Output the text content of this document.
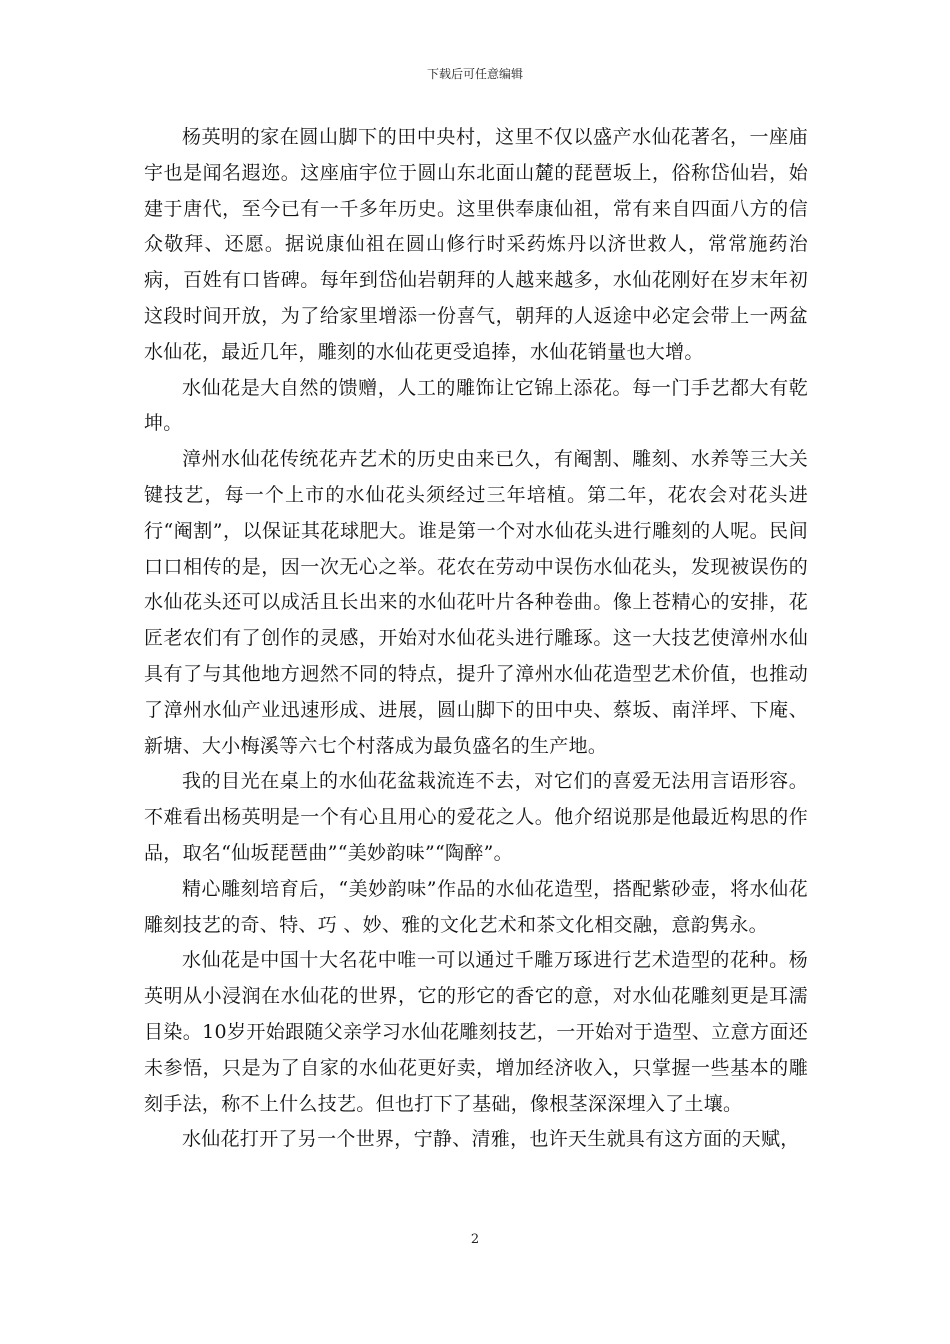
下载后可任意编辑

杨英明的家在圆山脚下的田中央村，这里不仅以盛产水仙花著名，一座庙宇也是闻名遐迩。这座庙宇位于圆山东北面山麓的琵琶坂上，俗称岱仙岩，始建于唐代，至今已有一千多年历史。这里供奉康仙祖，常有来自四面八方的信众敬拜、还愿。据说康仙祖在圆山修行时采药炼丹以济世救人，常常施药治病，百姓有口皆碑。每年到岱仙岩朝拜的人越来越多，水仙花刚好在岁末年初这段时间开放，为了给家里增添一份喜气，朝拜的人返途中必定会带上一两盆水仙花，最近几年，雕刻的水仙花更受追捧，水仙花销量也大增。

水仙花是大自然的馈赠，人工的雕饰让它锦上添花。每一门手艺都大有乾坤。

漳州水仙花传统花卉艺术的历史由来已久，有阉割、雕刻、水养等三大关键技艺，每一个上市的水仙花头须经过三年培植。第二年，花农会对花头进行“阉割”，以保证其花球肥大。谁是第一个对水仙花头进行雕刻的人呢。民间口口相传的是，因一次无心之举。花农在劳动中误伤水仙花头，发现被误伤的水仙花头还可以成活且长出来的水仙花叶片各种卷曲。像上苍精心的安排，花匠老农们有了创作的灵感，开始对水仙花头进行雕琢。这一大技艺使漳州水仙具有了与其他地方迥然不同的特点，提升了漳州水仙花造型艺术价值，也推动了漳州水仙产业迅速形成、进展，圆山脚下的田中央、蔡坂、南洋坪、下庵、新塘、大小梅溪等六七个村落成为最负盛名的生产地。

我的目光在桌上的水仙花盆栽流连不去，对它们的喜爱无法用言语形容。不难看出杨英明是一个有心且用心的爱花之人。他介绍说那是他最近构思的作品，取名“仙坂琵琶曲”“美妙韵味”“陶醉”。

精心雕刻培育后，“美妙韵味”作品的水仙花造型，搭配紫砂壶，将水仙花雕刻技艺的奇、特、巧 、妙、雅的文化艺术和茶文化相交融，意韵隽永。

水仙花是中国十大名花中唯一可以通过千雕万琢进行艺术造型的花种。杨英明从小浸润在水仙花的世界，它的形它的香它的意，对水仙花雕刻更是耳濡目染。10岁开始跟随父亲学习水仙花雕刻技艺，一开始对于造型、立意方面还未参悟，只是为了自家的水仙花更好卖，增加经济收入，只掌握一些基本的雕刻手法，称不上什么技艺。但也打下了基础，像根茎深深埋入了土壤。

水仙花打开了另一个世界，宁静、清雅，也许天生就具有这方面的天赋，

2
